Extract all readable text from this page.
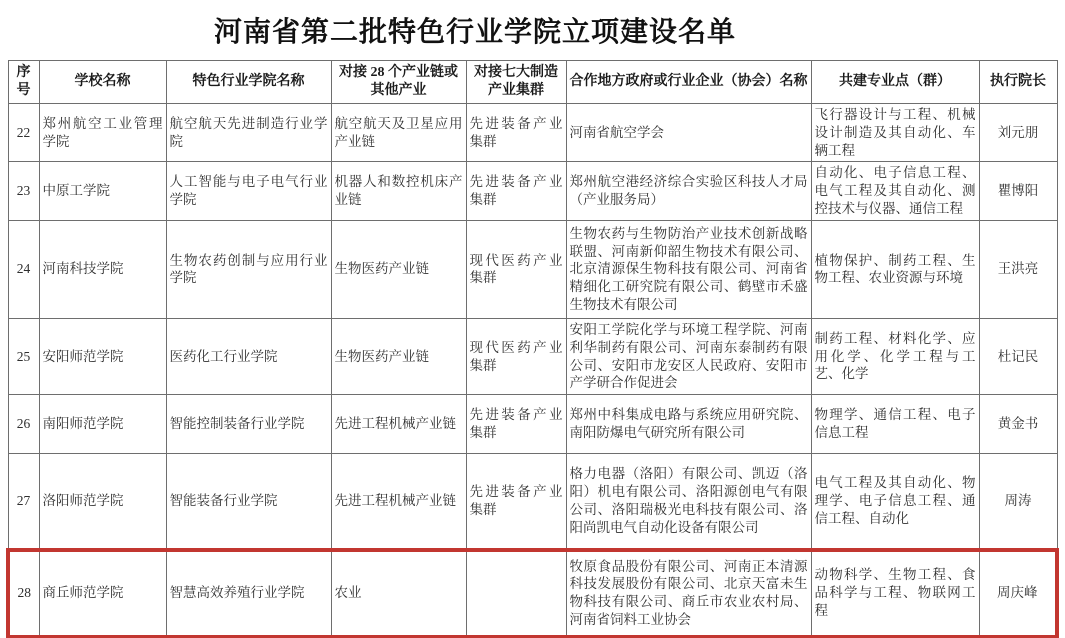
河南省第二批特色行业学院立项建设名单
序号	学校名称	特色行业学院名称	对接 28 个产业链或其他产业	对接七大制造产业集群	合作地方政府或行业企业（协会）名称	共建专业点（群）	执行院长
22	郑州航空工业管理学院	航空航天先进制造行业学院	航空航天及卫星应用产业链	先进装备产业集群	河南省航空学会	飞行器设计与工程、机械设计制造及其自动化、车辆工程	刘元朋
23	中原工学院	人工智能与电子电气行业学院	机器人和数控机床产业链	先进装备产业集群	郑州航空港经济综合实验区科技人才局（产业服务局）	自动化、电子信息工程、电气工程及其自动化、测控技术与仪器、通信工程	瞿博阳
24	河南科技学院	生物农药创制与应用行业学院	生物医药产业链	现代医药产业集群	生物农药与生物防治产业技术创新战略联盟、河南新仰韶生物技术有限公司、北京清源保生物科技有限公司、河南省精细化工研究院有限公司、鹤壁市禾盛生物技术有限公司	植物保护、制药工程、生物工程、农业资源与环境	王洪亮
25	安阳师范学院	医药化工行业学院	生物医药产业链	现代医药产业集群	安阳工学院化学与环境工程学院、河南利华制药有限公司、河南东泰制药有限公司、安阳市龙安区人民政府、安阳市产学研合作促进会	制药工程、材料化学、应用化学、化学工程与工艺、化学	杜记民
26	南阳师范学院	智能控制装备行业学院	先进工程机械产业链	先进装备产业集群	郑州中科集成电路与系统应用研究院、南阳防爆电气研究所有限公司	物理学、通信工程、电子信息工程	黄金书
27	洛阳师范学院	智能装备行业学院	先进工程机械产业链	先进装备产业集群	格力电器（洛阳）有限公司、凯迈（洛阳）机电有限公司、洛阳源创电气有限公司、洛阳瑞极光电科技有限公司、洛阳尚凯电气自动化设备有限公司	电气工程及其自动化、物理学、电子信息工程、通信工程、自动化	周涛
28	商丘师范学院	智慧高效养殖行业学院	农业		牧原食品股份有限公司、河南正本清源科技发展股份有限公司、北京天富未生物科技有限公司、商丘市农业农村局、河南省饲料工业协会	动物科学、生物工程、食品科学与工程、物联网工程	周庆峰
